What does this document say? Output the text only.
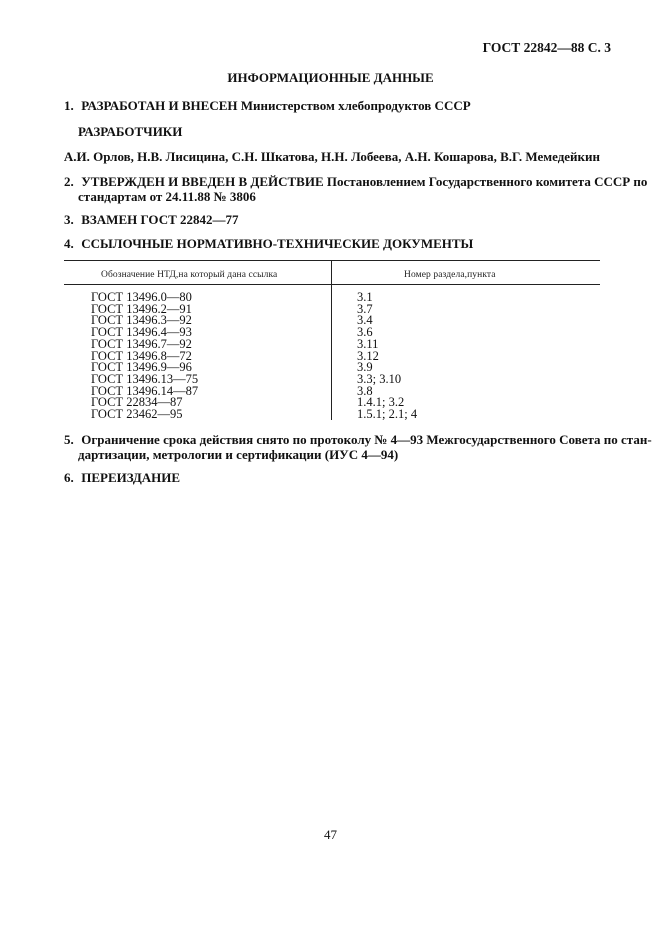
ГОСТ 22842—88 С. 3
ИНФОРМАЦИОННЫЕ ДАННЫЕ
1. РАЗРАБОТАН И ВНЕСЕН Министерством хлебопродуктов СССР
РАЗРАБОТЧИКИ
А.И. Орлов, Н.В. Лисицина, С.Н. Шкатова, Н.Н. Лобеева, А.Н. Кошарова, В.Г. Мемедейкин
2. УТВЕРЖДЕН И ВВЕДЕН В ДЕЙСТВИЕ Постановлением Государственного комитета СССР по
стандартам от 24.11.88 № 3806
3. ВЗАМЕН ГОСТ 22842—77
4. ССЫЛОЧНЫЕ НОРМАТИВНО-ТЕХНИЧЕСКИЕ ДОКУМЕНТЫ
Обозначение НТД,на который дана ссылка	Номер раздела,пункта
ГОСТ 13496.0—80
ГОСТ 13496.2—91
ГОСТ 13496.3—92
ГОСТ 13496.4—93
ГОСТ 13496.7—92
ГОСТ 13496.8—72
ГОСТ 13496.9—96
ГОСТ 13496.13—75
ГОСТ 13496.14—87
ГОСТ 22834—87
ГОСТ 23462—95
3.1
3.7
3.4
3.6
3.11
3.12
3.9
3.3; 3.10
3.8
1.4.1; 3.2
1.5.1; 2.1; 4
5. Ограничение срока действия снято по протоколу № 4—93 Межгосударственного Совета по стан-
дартизации, метрологии и сертификации (ИУС 4—94)
6. ПЕРЕИЗДАНИЕ
47
